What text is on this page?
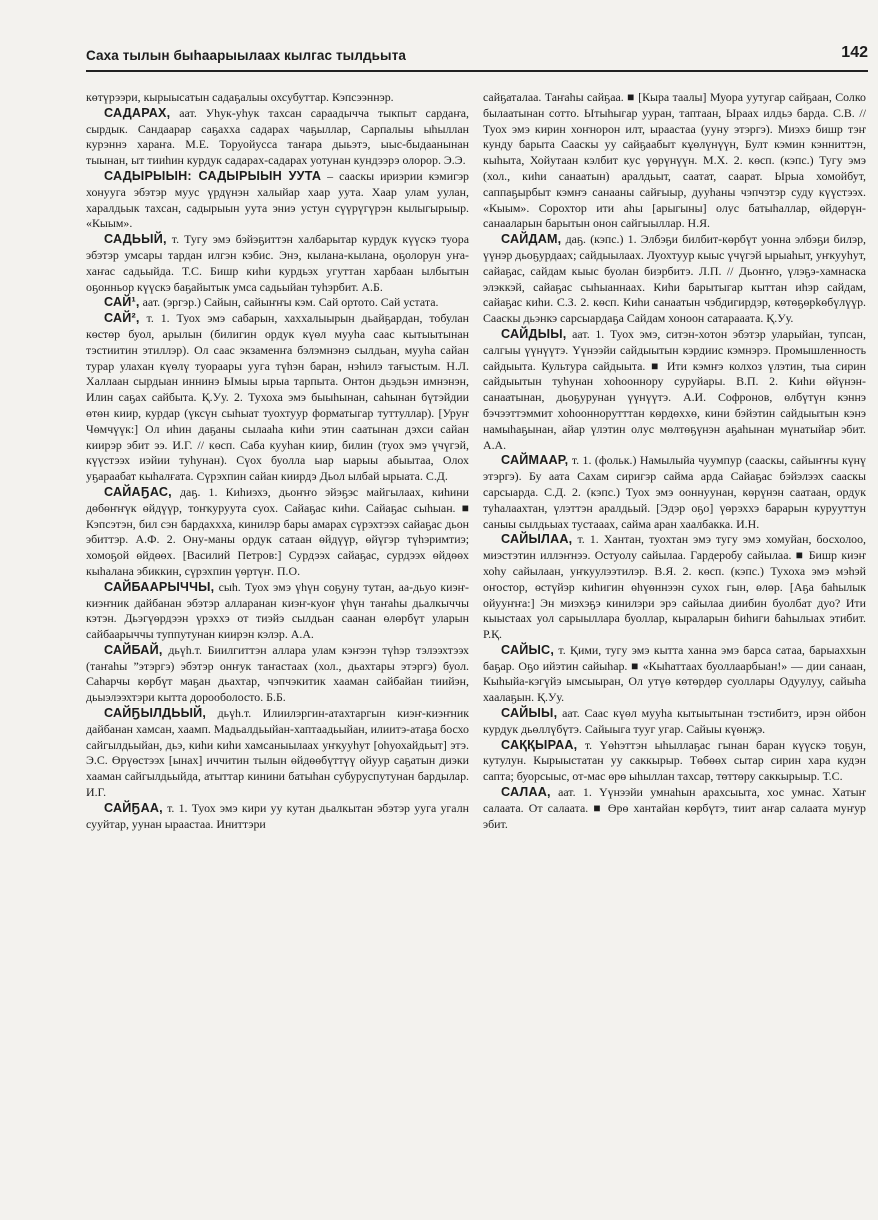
Саха тылын быһаарыылаах кылгас тылдьыта	142

көтүрээри, кырыысатын садаҕалыы охсубуттар. Кэпсээннэр.

САДАРАХ, аат. Уһук-уһук тахсан сараадычча тыкпыт сардаҥа, сырдык. Сандаарар саҕахха садарах чаҕыллар, Сарпалыы ыһыллан курэннэ хараҥа. М.Е. Торуойусса таҥара дыьэтэ, ыыс-быдаанынан тыынан, ыт тииһин курдук садарах-садарах уотунан кундээрэ олорор. Э.Э.

САДЫРЫЫН: САДЫРЫЫН УУТА – сааскы ириэрии кэмигэр хонууга эбэтэр муус үрдүнэн халыйар хаар уута. Хаар улам уулан, харалдьык тахсан, садырыын уута эниэ устун сүүрүгүрэн кылыгырыыр. «Кыым».

САДЬЫЙ, т. Тугу эмэ бэйэҕиттэн халбарытар курдук күүскэ туора эбэтэр умсары тардан илгэн кэбис. Энэ, кылана-кылана, оҕолорун уҥа-хаҥас садьыйда. Т.С. Бишр киһи курдьэх угуттан харбаан ылбытын оҕонньор күүскэ баҕайытык умса садьыйан туһэрбит. А.Б.

САЙ¹, аат. (эргэр.) Сайын, сайыҥҥы кэм. Сай ортото. Сай устата.

САЙ², т. 1. Туох эмэ сабарын, хаххалыырын дьайҕардан, тобулан көстөр буол, арылын (билигин ордук күөл мууһа саас кытыытынан тэстиитин этиллэр). Ол саас экзаменҥа бэлэмнэнэ сылдьан, мууһа сайан турар улахан күөлү туораары ууга түһэн баран, нэһилэ тағыстым. Н.Л. Халлаан сырдыан иннинэ Ымыы ырыа тарпыта. Онтон дьэдьэн имнэнэн, Илин саҕах сайбыта. Қ.Уу. 2. Тухоха эмэ быыһынан, саһынан бүтэйдии өтөн киир, курдар (үксүн сыһыат туохтуур форматыгар туттуллар). [Уруҥ Чөмчүүк:] Ол иһин даҕаны сылааһа киһи этин саатынан дэхси сайан киирэр эбит ээ. И.Г. // көсп. Саба кууһан киир, билин (туох эмэ үчүгэй, күүстээх иэйии туһунан). Сүох буолла ыар ыарыы абыытаа, Олох уҕараабат кыһалғата. Сүрэхпин сайан киирдэ Дьол ылбай ырыата. С.Д.

САЙАҔАС, даҕ. 1. Киһиэхэ, дьоҥҥо эйэҕэс майгылаах, киһини дөбөҥҥүк өйдүүр, тоҥкуруута суох. Сайаҕас киһи. Сайаҕас сыһыан. ■ Кэпсэтэн, бил сэн бардаххха, кинилэр бары амарах сүрэхтээх сайаҕас дьон эбиттэр. А.Ф. 2. Ону-маны ордук сатаан өйдүүр, өйүгэр түһэримтиэ; хомоҕой өйдөөх. [Василий Петров:] Сурдээх сайаҕас, сурдээх өйдөөх кыһалана эбиккин, сүрэхпин үөртүҥ. П.О.

САЙБААРЫЧЧЫ, сыһ. Туох эмэ үһүн соҕуну тутан, аа-дьуо киэҥ-киэҥник дайбанан эбэтэр алларанан киэҥ-куоҥ үһүн таҥаһы дьалкыччы кэтэн. Дьэгүөрдээн үрэххэ от тиэйэ сылдьан саанан өлөрбүт уларын сайбаарыччы туппутунан киирэн кэлэр. А.А.

САЙБАЙ, дьүһ.т. Биилгиттэн аллара улам кэҥээн түһэр тэлээхтээх (таҥаһы ”этэргэ) эбэтэр онҥук таҥастаах (хол., дьахтары этэргэ) буол. Саһарчы көрбүт маҕан дьахтар, чэпчэкитик хааман сайбайан тиийэн, дьыэлээхтэри кытта дорооболосто. Б.Б.

САЙҔЫЛДЬЫЙ, дьүһ.т. Илиилэргин-атахтаргын киэҥ-киэҥник дайбанан хамсан, хаамп. Мадьалдьыйан-хаптаадьыйан, илиитэ-атаҕа босхо сайгылдьыйан, дьэ, киһи киһи хамсаныылаах уҥкууһут [оһуохайдьыт] этэ. Э.С. Өрүөстээх [ынах] иччитин тылын өйдөөбүттүү ойуур саҕатын диэки хааман сайгылдьыйда, атыттар кинини батыһан субуруспутунан бардылар. И.Г.

САЙҔАА, т. 1. Туох эмэ кири уу кутан дьалкытан эбэтэр ууга угалн сууйтар, уунан ыраастаа. Иниттэри

сайҕаталаа. Таҥаһы сайҕаа. ■ [Кыра таалы] Муора уутугар сайҕаан, Солко былаатынан сотто. Ытыһыгар уурaн, таптаан, Ыраах илдьэ барда. С.В. // Туох эмэ кирин хоҥнорон илт, ыраастаа (ууну этэргэ). Миэхэ бишр тэҥ кунду барыта Сааскы уу сайҕаабыт кұөлүнүүн, Булт кэмин кэнниттэн, кыһыта, Хойутаан кэлбит кус үөрүнүүн. М.Х. 2. көсп. (кэпс.) Тугу эмэ (хол., киһи санаатын) аралдьыт, саатат, сааpат. Ырыа хомойбут, саппаҕырбыт кэмҥэ санааны сайғыыр, дууһаны чэпчэтэр суду күүстээх. «Кыым». Сорохтор ити аһы [арыгыны] олус батыһаллар, өйдөрүн-санааларын барытын онон сайгыыллар. Н.Я.

САЙДАМ, даҕ. (кэпс.) 1. Элбэҕи билбит-көрбүт уонна элбэҕи билэр, үүнэр дьоҕурдаах; сайдыылаах. Луохтуур кыыс үчүгэй ырыаһыт, уҥкууһут, сайаҕас, сайдам кыыс буолан биэрбитэ. Л.П. // Дьоҥҥо, үлэҕэ-хамнаска элэккэй, сайаҕас сыһыаннаах. Киһи барытыгар кыттан иһэр сайдам, сайаҕас киһи. С.З. 2. көсп. Киһи санаатын чэбдигирдэр, көтөҕөрkөбүлүүр. Сааскы дьэнкэ сарсыардаҕа Сайдам хоноон сатарааата. Қ.Уу.

САЙДЫЫ, аат. 1. Туох эмэ, ситэн-хотон эбэтэр уларыйан, тупсан, салгыы үүнүүтэ. Үүнээйи сайдыытын кэрдиис кэмнэрэ. Промышленность сайдыыта. Культура сайдыыта. ■ Ити кэмҥэ колхоз үлэтин, тыа сирин сайдыытын туһунан хоһооннору суруйары. В.П. 2. Киһи өйүнэн-санаатынан, дьоҕурунан үүнүүтэ. А.И. Софронов, өлбүтүн кэннэ бэчээттэммит хоһооннорутттан көрдөххө, кини бэйэтин сайдыытын кэнэ намыһаҕынан, айар үлэтин олус мөлтөҕүнэн аҕаһынан мүнатыйар эбит. А.А.

САЙМААР, т. 1. (фольк.) Намылыйа чуумпур (сааскы, сайыҥҥы күнү этэргэ). Бу аата Сахам сиригэр сайма арда Сайаҕас бэйэлээх сааскы сарсыарда. С.Д. 2. (кэпс.) Туох эмэ ооннуунан, көрүнэн саатаан, ордук туһалаахтан, үлэттэн аралдьый. [Эдэр оҕо] үөрэххэ барарын курууттун саныы сылдьыах тустааах, сайма аран хаалбакка. И.Н.

САЙЫЛАА, т. 1. Хантан, туохтан эмэ тугу эмэ хомуйан, босхолоо, миэстэтин иллэҥнээ. Остуолу сайылаа. Гардеробу сайылаа. ■ Бишр киэҥ хоһу сайылаан, уҥкуулээтилэр. В.Я. 2. көсп. (кэпс.) Тухоха эмэ мэһэй оҥостор, өстүйэр киһигин өһүөннээн сухох гын, өлөр. [Аҕа баһылык ойууҥҥа:] Эн миэхэҕэ кинилэри эрэ сайылаа диибин буолбат дуо? Ити кыыстаах уол сарыыллара буоллар, кыраларын биһиги баһылыах этибит. Р.Қ.

САЙЫС, т. Қими, тугу эмэ кытта ханна эмэ барса сатаа, барыаххын баҕар. Оҕо ийэтин сайыһар. ■ «Кыһаттааx буоллаарбыан!» — дии санаан, Кыһыйа-кэгүйэ ымсыыран, Ол утүө көтөрдөр суоллары Одуулуу, сайыһа хаалаҕын. Қ.Уу.

САЙЫЫ, аат. Саас күөл мууһа кытыытынан тэстибитэ, ирэн ойбон курдук дьөллүбүтэ. Сайыыга тууг угар. Сайыы күөнҗэ.

САҚҚЫРАА, т. Үөһэттэн ыһыллаҕас гынан баран күүскэ тоҕун, кутулун. Кырыыстатан уу саккырыр. Төбөөх сытар сирин хара кудэн сапта; буорсыыс, от-мас өрө ыһыллан тахсар, төттөру саккырыыр. Т.С.

САЛАА, аат. 1. Үүнээйи умнаһын арахсыыта, хос умнас. Хатыҥ салаата. От салаата. ■ Өрө хантайан көрбүтэ, тиит аҥар салаата муҥур эбит.
